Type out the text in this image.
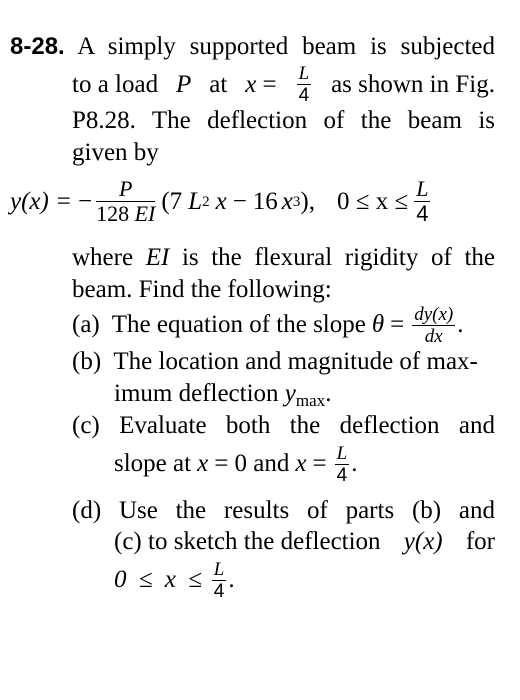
8-28. A simply supported beam is subjected
to a load P at $x = \frac{L}{4}$ as shown in Fig.
P8.28. The deflection of the beam is
given by
y(x) = − $\frac{P}{128 EI} (7$ L 2 x − 16 x 3 ), $0 \le x \le \frac{L}{4}$
where EI is the flexural rigidity of the
beam. Find the following:
(a) The equation of the slope $\theta = \frac{dy(x)}{dx}$ .
(b) The location and magnitude of max-
imum deflection $y_{max}$.
(c) Evaluate both the deflection and
slope at x = 0 and $x = \frac{L}{4}$ .
(d) Use the results of parts (b) and
(c) to sketch the deflection y(x) for
$0 \le x \le \frac{L}{4}$ .
